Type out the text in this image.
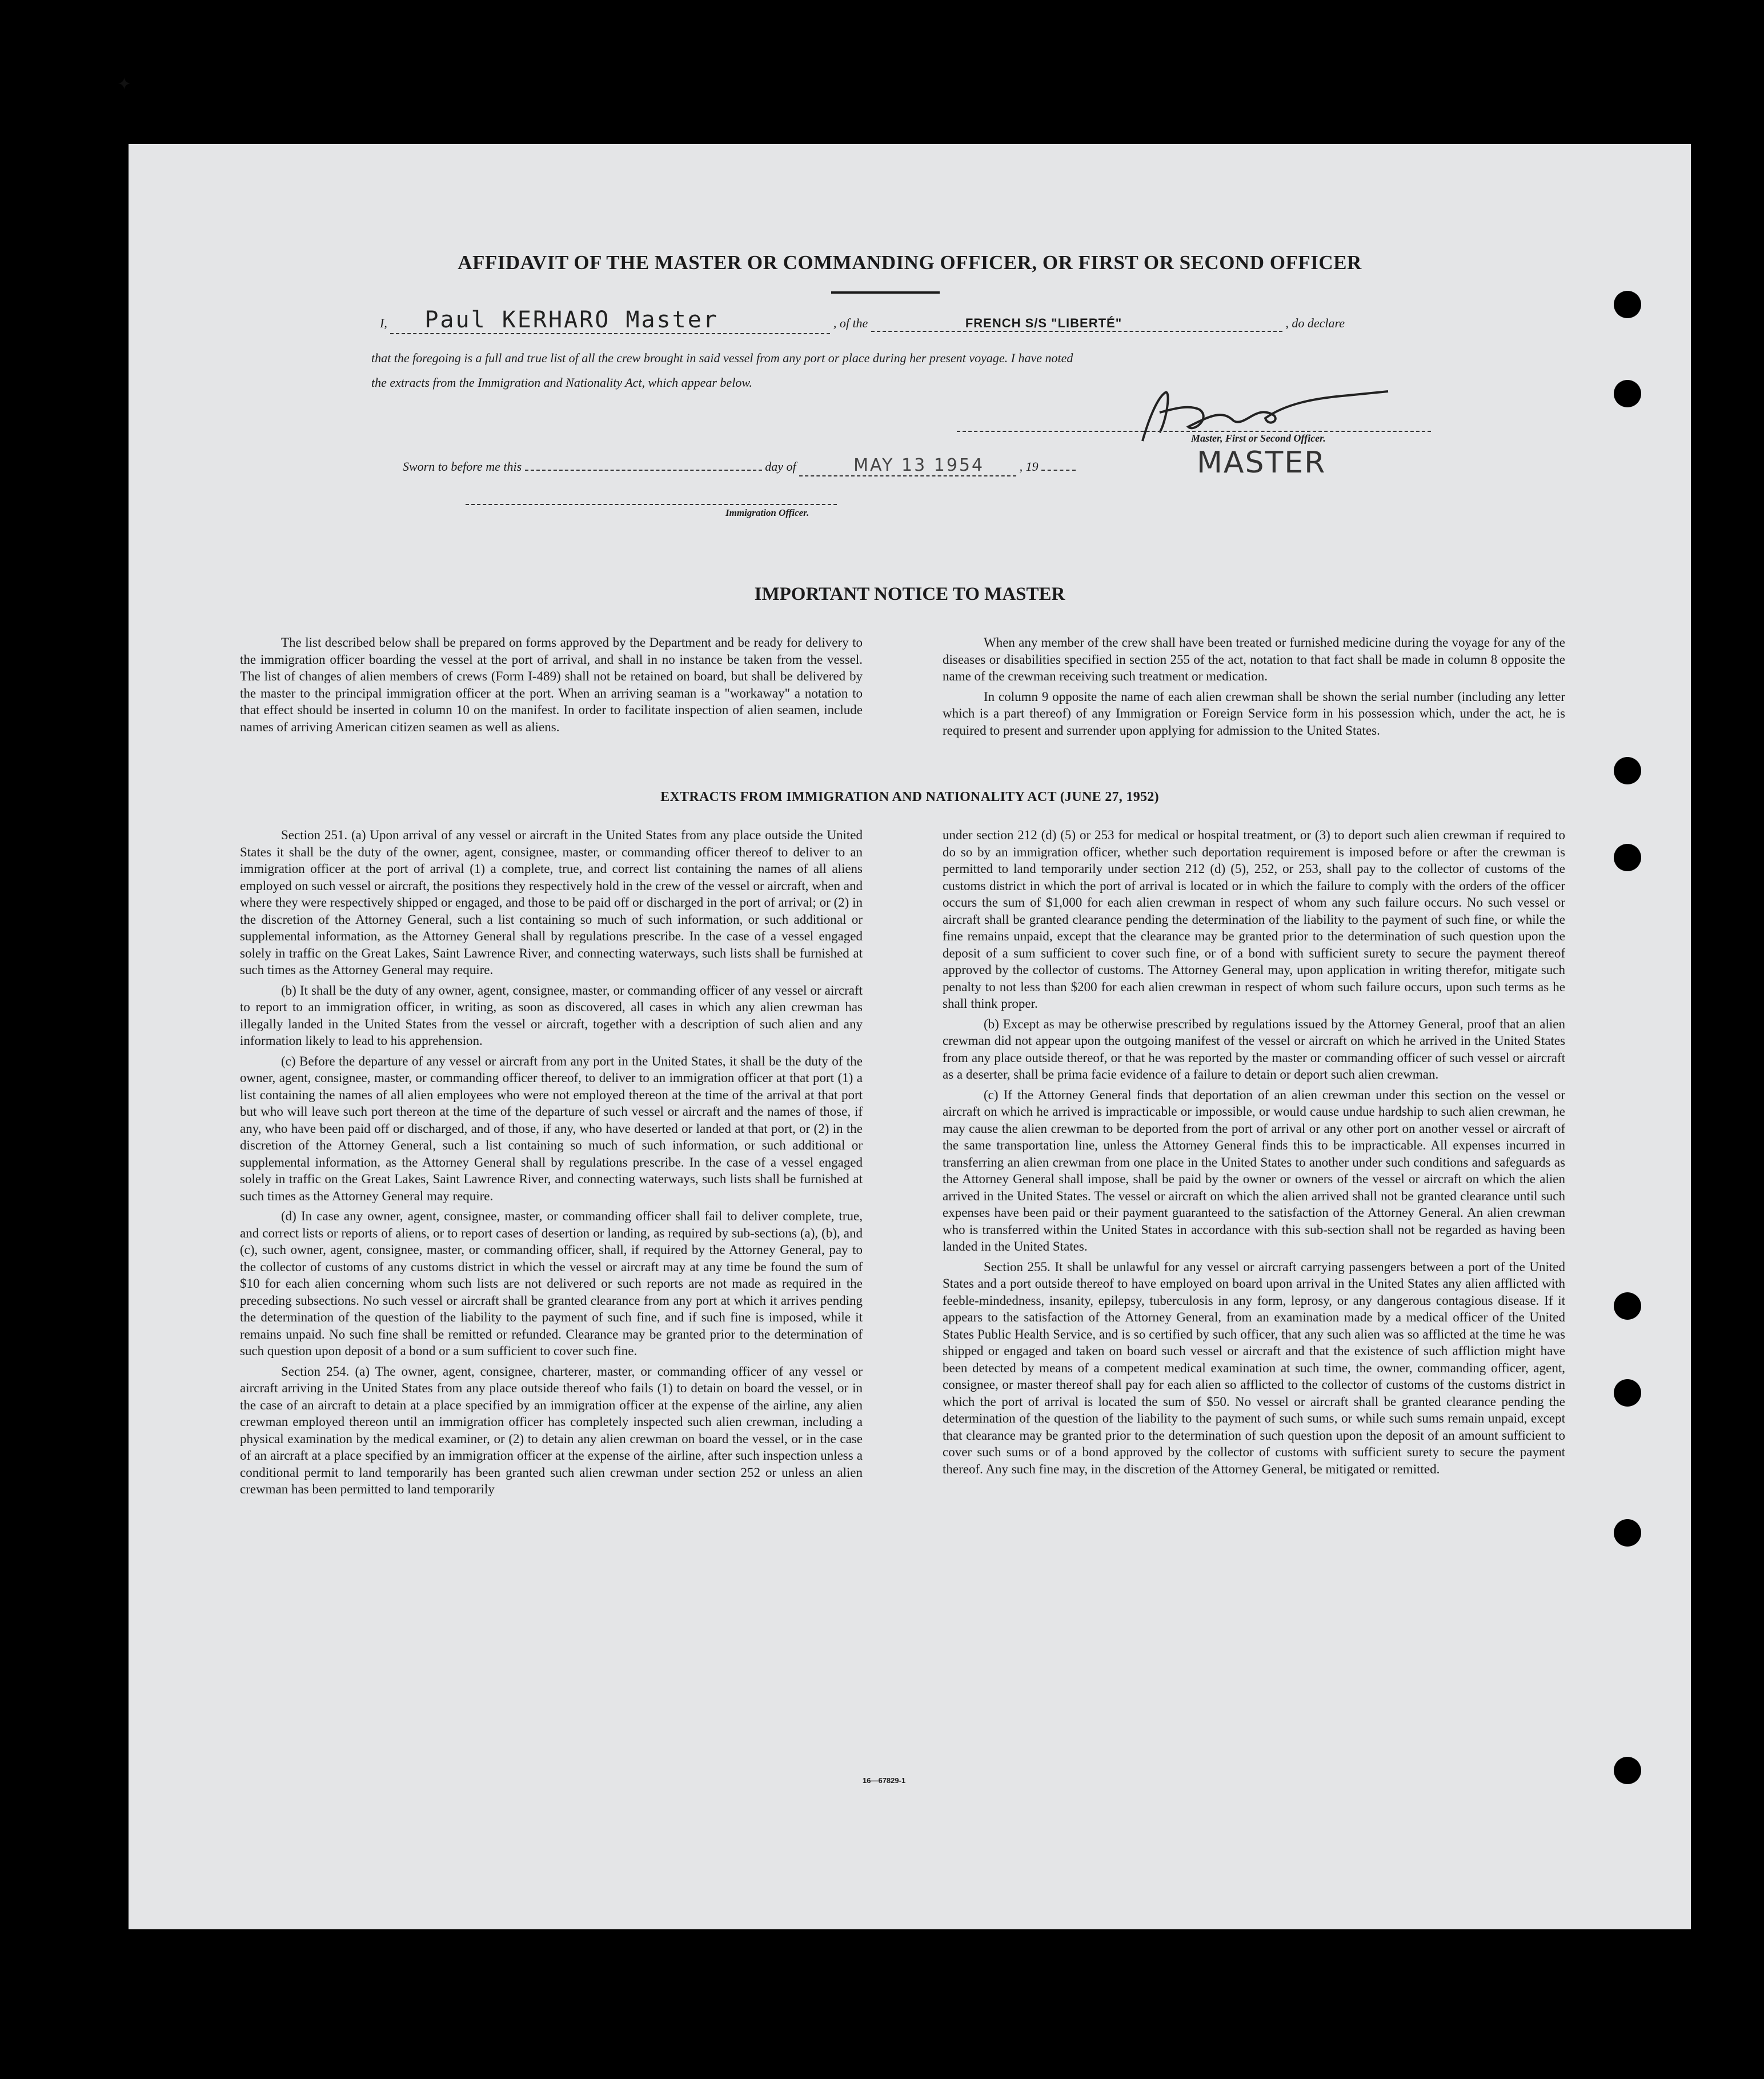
✦
AFFIDAVIT OF THE MASTER OR COMMANDING OFFICER, OR FIRST OR SECOND OFFICER
I, Paul KERHARO Master	, of the	FRENCH S/S "LIBERTÉ"	, do declare
that the foregoing is a full and true list of all the crew brought in said vessel from any port or place during her present voyage. I have noted
the extracts from the Immigration and Nationality Act, which appear below.
Master, First or Second Officer.
MASTER
Sworn to before me this	day of	MAY 13 1954	, 19
Immigration Officer.
IMPORTANT NOTICE TO MASTER

The list described below shall be prepared on forms approved by the Department and be ready for delivery to the immigration officer boarding the vessel at the port of arrival, and shall in no instance be taken from the vessel. The list of changes of alien members of crews (Form I-489) shall not be retained on board, but shall be delivered by the master to the principal immigration officer at the port. When an arriving seaman is a "workaway" a notation to that effect should be inserted in column 10 on the manifest. In order to facilitate inspection of alien seamen, include names of arriving American citizen seamen as well as aliens.

When any member of the crew shall have been treated or furnished medicine during the voyage for any of the diseases or disabilities specified in section 255 of the act, notation to that fact shall be made in column 8 opposite the name of the crewman receiving such treatment or medication.

In column 9 opposite the name of each alien crewman shall be shown the serial number (including any letter which is a part thereof) of any Immigration or Foreign Service form in his possession which, under the act, he is required to present and surrender upon applying for admission to the United States.

EXTRACTS FROM IMMIGRATION AND NATIONALITY ACT (JUNE 27, 1952)

Section 251. (a) Upon arrival of any vessel or aircraft in the United States from any place outside the United States it shall be the duty of the owner, agent, consignee, master, or commanding officer thereof to deliver to an immigration officer at the port of arrival (1) a complete, true, and correct list containing the names of all aliens employed on such vessel or aircraft, the positions they respectively hold in the crew of the vessel or aircraft, when and where they were respectively shipped or engaged, and those to be paid off or discharged in the port of arrival; or (2) in the discretion of the Attorney General, such a list containing so much of such information, or such additional or supplemental information, as the Attorney General shall by regulations prescribe. In the case of a vessel engaged solely in traffic on the Great Lakes, Saint Lawrence River, and connecting waterways, such lists shall be furnished at such times as the Attorney General may require.

(b) It shall be the duty of any owner, agent, consignee, master, or commanding officer of any vessel or aircraft to report to an immigration officer, in writing, as soon as discovered, all cases in which any alien crewman has illegally landed in the United States from the vessel or aircraft, together with a description of such alien and any information likely to lead to his apprehension.

(c) Before the departure of any vessel or aircraft from any port in the United States, it shall be the duty of the owner, agent, consignee, master, or commanding officer thereof, to deliver to an immigration officer at that port (1) a list containing the names of all alien employees who were not employed thereon at the time of the arrival at that port but who will leave such port thereon at the time of the departure of such vessel or aircraft and the names of those, if any, who have been paid off or discharged, and of those, if any, who have deserted or landed at that port, or (2) in the discretion of the Attorney General, such a list containing so much of such information, or such additional or supplemental information, as the Attorney General shall by regulations prescribe. In the case of a vessel engaged solely in traffic on the Great Lakes, Saint Lawrence River, and connecting waterways, such lists shall be furnished at such times as the Attorney General may require.

(d) In case any owner, agent, consignee, master, or commanding officer shall fail to deliver complete, true, and correct lists or reports of aliens, or to report cases of desertion or landing, as required by sub-sections (a), (b), and (c), such owner, agent, consignee, master, or commanding officer, shall, if required by the Attorney General, pay to the collector of customs of any customs district in which the vessel or aircraft may at any time be found the sum of $10 for each alien concerning whom such lists are not delivered or such reports are not made as required in the preceding subsections. No such vessel or aircraft shall be granted clearance from any port at which it arrives pending the determination of the question of the liability to the payment of such fine, and if such fine is imposed, while it remains unpaid. No such fine shall be remitted or refunded. Clearance may be granted prior to the determination of such question upon deposit of a bond or a sum sufficient to cover such fine.

Section 254. (a) The owner, agent, consignee, charterer, master, or commanding officer of any vessel or aircraft arriving in the United States from any place outside thereof who fails (1) to detain on board the vessel, or in the case of an aircraft to detain at a place specified by an immigration officer at the expense of the airline, any alien crewman employed thereon until an immigration officer has completely inspected such alien crewman, including a physical examination by the medical examiner, or (2) to detain any alien crewman on board the vessel, or in the case of an aircraft at a place specified by an immigration officer at the expense of the airline, after such inspection unless a conditional permit to land temporarily has been granted such alien crewman under section 252 or unless an alien crewman has been permitted to land temporarily

under section 212 (d) (5) or 253 for medical or hospital treatment, or (3) to deport such alien crewman if required to do so by an immigration officer, whether such deportation requirement is imposed before or after the crewman is permitted to land temporarily under section 212 (d) (5), 252, or 253, shall pay to the collector of customs of the customs district in which the port of arrival is located or in which the failure to comply with the orders of the officer occurs the sum of $1,000 for each alien crewman in respect of whom any such failure occurs. No such vessel or aircraft shall be granted clearance pending the determination of the liability to the payment of such fine, or while the fine remains unpaid, except that the clearance may be granted prior to the determination of such question upon the deposit of a sum sufficient to cover such fine, or of a bond with sufficient surety to secure the payment thereof approved by the collector of customs. The Attorney General may, upon application in writing therefor, mitigate such penalty to not less than $200 for each alien crewman in respect of whom such failure occurs, upon such terms as he shall think proper.

(b) Except as may be otherwise prescribed by regulations issued by the Attorney General, proof that an alien crewman did not appear upon the outgoing manifest of the vessel or aircraft on which he arrived in the United States from any place outside thereof, or that he was reported by the master or commanding officer of such vessel or aircraft as a deserter, shall be prima facie evidence of a failure to detain or deport such alien crewman.

(c) If the Attorney General finds that deportation of an alien crewman under this section on the vessel or aircraft on which he arrived is impracticable or impossible, or would cause undue hardship to such alien crewman, he may cause the alien crewman to be deported from the port of arrival or any other port on another vessel or aircraft of the same transportation line, unless the Attorney General finds this to be impracticable. All expenses incurred in transferring an alien crewman from one place in the United States to another under such conditions and safeguards as the Attorney General shall impose, shall be paid by the owner or owners of the vessel or aircraft on which the alien arrived in the United States. The vessel or aircraft on which the alien arrived shall not be granted clearance until such expenses have been paid or their payment guaranteed to the satisfaction of the Attorney General. An alien crewman who is transferred within the United States in accordance with this sub-section shall not be regarded as having been landed in the United States.

Section 255. It shall be unlawful for any vessel or aircraft carrying passengers between a port of the United States and a port outside thereof to have employed on board upon arrival in the United States any alien afflicted with feeble-mindedness, insanity, epilepsy, tuberculosis in any form, leprosy, or any dangerous contagious disease. If it appears to the satisfaction of the Attorney General, from an examination made by a medical officer of the United States Public Health Service, and is so certified by such officer, that any such alien was so afflicted at the time he was shipped or engaged and taken on board such vessel or aircraft and that the existence of such affliction might have been detected by means of a competent medical examination at such time, the owner, commanding officer, agent, consignee, or master thereof shall pay for each alien so afflicted to the collector of customs of the customs district in which the port of arrival is located the sum of $50. No vessel or aircraft shall be granted clearance pending the determination of the question of the liability to the payment of such sums, or while such sums remain unpaid, except that clearance may be granted prior to the determination of such question upon the deposit of an amount sufficient to cover such sums or of a bond approved by the collector of customs with sufficient surety to secure the payment thereof. Any such fine may, in the discretion of the Attorney General, be mitigated or remitted.

16—67829-1
